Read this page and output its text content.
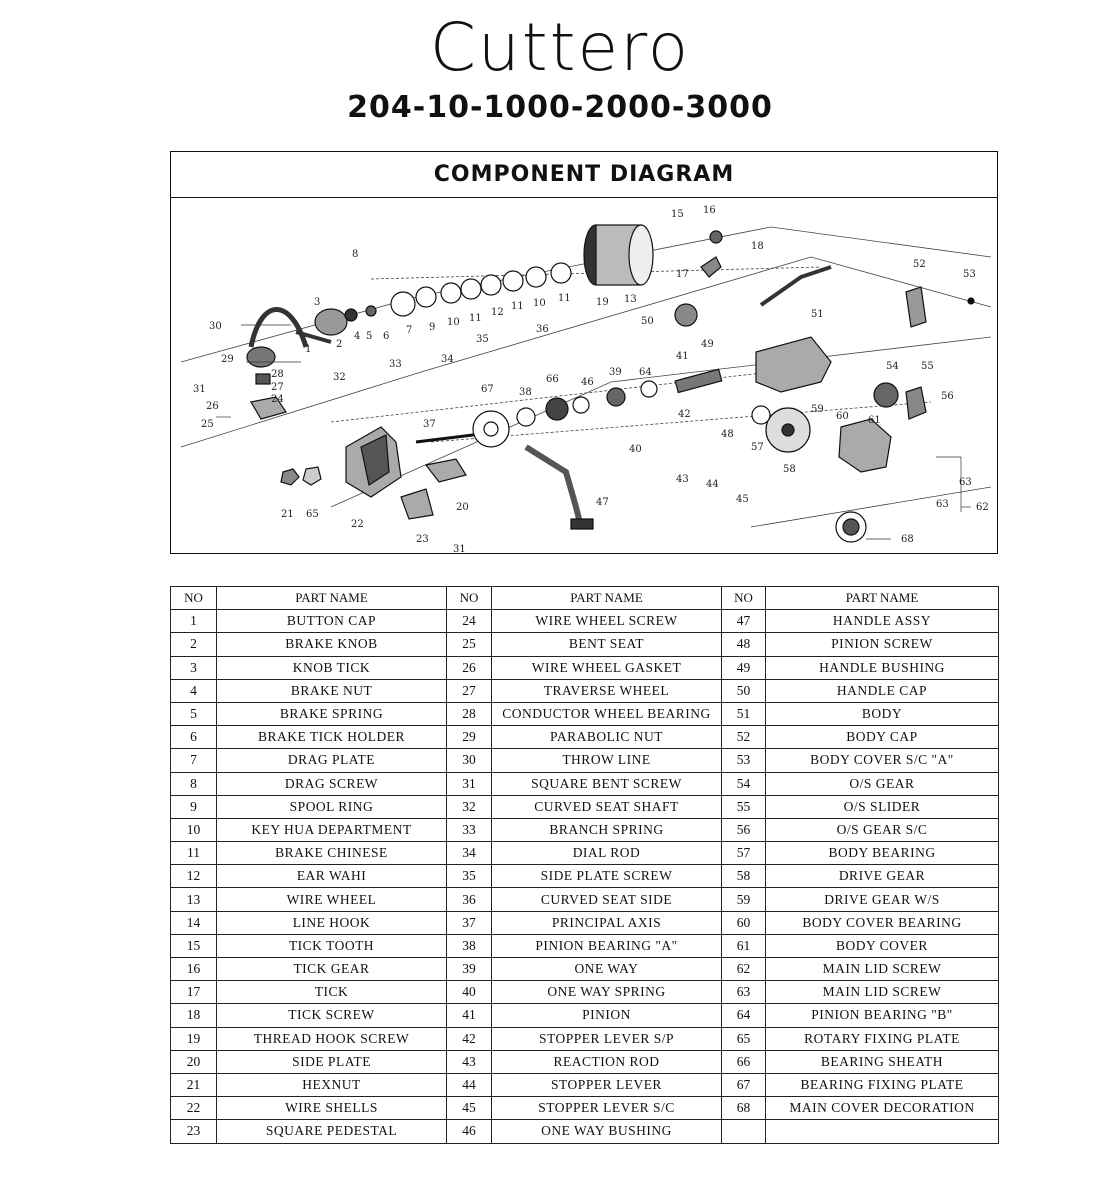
Cuttero
204-10-1000-2000-3000
COMPONENT DIAGRAM
1 2
3
4 5 6
7
8
9 10 11
11 10 11
12
13
15 16
17
18
19
20
21
22
23
24
25
26
27
28
29
30
31
31
32
33	34
35
36
37
38
39
40
41
42
43 44
45
46
47
48
49
50
51
52
53
54 55
56
57
58
59
60 61
62
63
63
64
65
66
67
68
NO	PART NAME	NO	PART NAME	NO	PART NAME
1	BUTTON CAP	24	WIRE WHEEL SCREW	47	HANDLE ASSY
2	BRAKE KNOB	25	BENT SEAT	48	PINION SCREW
3	KNOB TICK	26	WIRE WHEEL GASKET	49	HANDLE BUSHING
4	BRAKE NUT	27	TRAVERSE WHEEL	50	HANDLE CAP
5	BRAKE SPRING	28	CONDUCTOR WHEEL BEARING	51	BODY
6	BRAKE TICK HOLDER	29	PARABOLIC NUT	52	BODY CAP
7	DRAG PLATE	30	THROW LINE	53	BODY COVER S/C "A"
8	DRAG SCREW	31	SQUARE BENT SCREW	54	O/S GEAR
9	SPOOL RING	32	CURVED SEAT SHAFT	55	O/S SLIDER
10	KEY HUA DEPARTMENT	33	BRANCH SPRING	56	O/S GEAR S/C
11	BRAKE CHINESE	34	DIAL ROD	57	BODY BEARING
12	EAR WAHI	35	SIDE PLATE SCREW	58	DRIVE GEAR
13	WIRE WHEEL	36	CURVED SEAT SIDE	59	DRIVE GEAR W/S
14	LINE HOOK	37	PRINCIPAL AXIS	60	BODY COVER BEARING
15	TICK TOOTH	38	PINION BEARING "A"	61	BODY COVER
16	TICK GEAR	39	ONE WAY	62	MAIN LID SCREW
17	TICK	40	ONE WAY SPRING	63	MAIN LID SCREW
18	TICK SCREW	41	PINION	64	PINION BEARING "B"
19	THREAD HOOK SCREW	42	STOPPER LEVER S/P	65	ROTARY FIXING PLATE
20	SIDE PLATE	43	REACTION ROD	66	BEARING SHEATH
21	HEXNUT	44	STOPPER LEVER	67	BEARING FIXING PLATE
22	WIRE SHELLS	45	STOPPER LEVER S/C	68	MAIN COVER DECORATION
23	SQUARE PEDESTAL	46	ONE WAY BUSHING		
